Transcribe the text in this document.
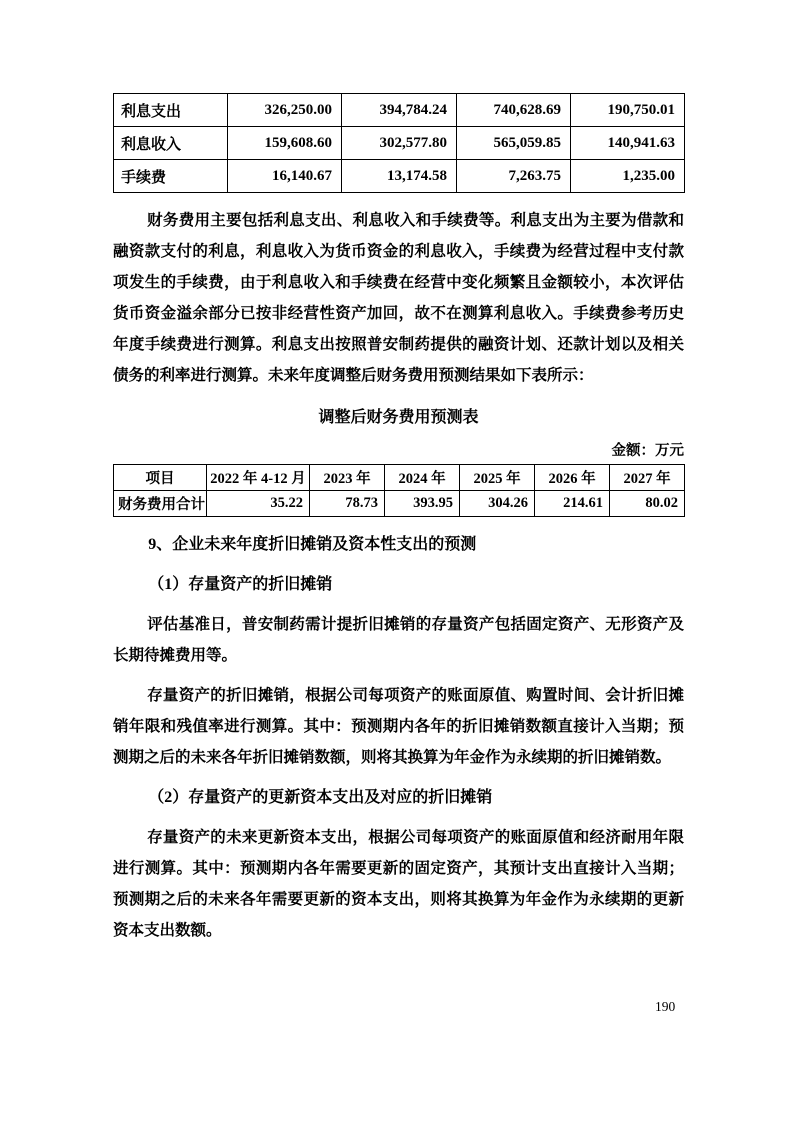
利息支出	326,250.00	394,784.24	740,628.69	190,750.01
利息收入	159,608.60	302,577.80	565,059.85	140,941.63
手续费	16,140.67	13,174.58	7,263.75	1,235.00

财务费用主要包括利息支出、利息收入和手续费等。利息支出为主要为借款和融资款支付的利息，利息收入为货币资金的利息收入，手续费为经营过程中支付款项发生的手续费，由于利息收入和手续费在经营中变化频繁且金额较小，本次评估货币资金溢余部分已按非经营性资产加回，故不在测算利息收入。手续费参考历史年度手续费进行测算。利息支出按照普安制药提供的融资计划、还款计划以及相关债务的利率进行测算。未来年度调整后财务费用预测结果如下表所示：

调整后财务费用预测表
金额：万元
项目	2022 年 4-12 月	2023 年	2024 年	2025 年	2026 年	2027 年
财务费用合计	35.22	78.73	393.95	304.26	214.61	80.02
9、企业未来年度折旧摊销及资本性支出的预测
（1）存量资产的折旧摊销

评估基准日，普安制药需计提折旧摊销的存量资产包括固定资产、无形资产及长期待摊费用等。

存量资产的折旧摊销，根据公司每项资产的账面原值、购置时间、会计折旧摊销年限和残值率进行测算。其中：预测期内各年的折旧摊销数额直接计入当期；预测期之后的未来各年折旧摊销数额，则将其换算为年金作为永续期的折旧摊销数。

（2）存量资产的更新资本支出及对应的折旧摊销

存量资产的未来更新资本支出，根据公司每项资产的账面原值和经济耐用年限进行测算。其中：预测期内各年需要更新的固定资产，其预计支出直接计入当期；预测期之后的未来各年需要更新的资本支出，则将其换算为年金作为永续期的更新资本支出数额。

190
